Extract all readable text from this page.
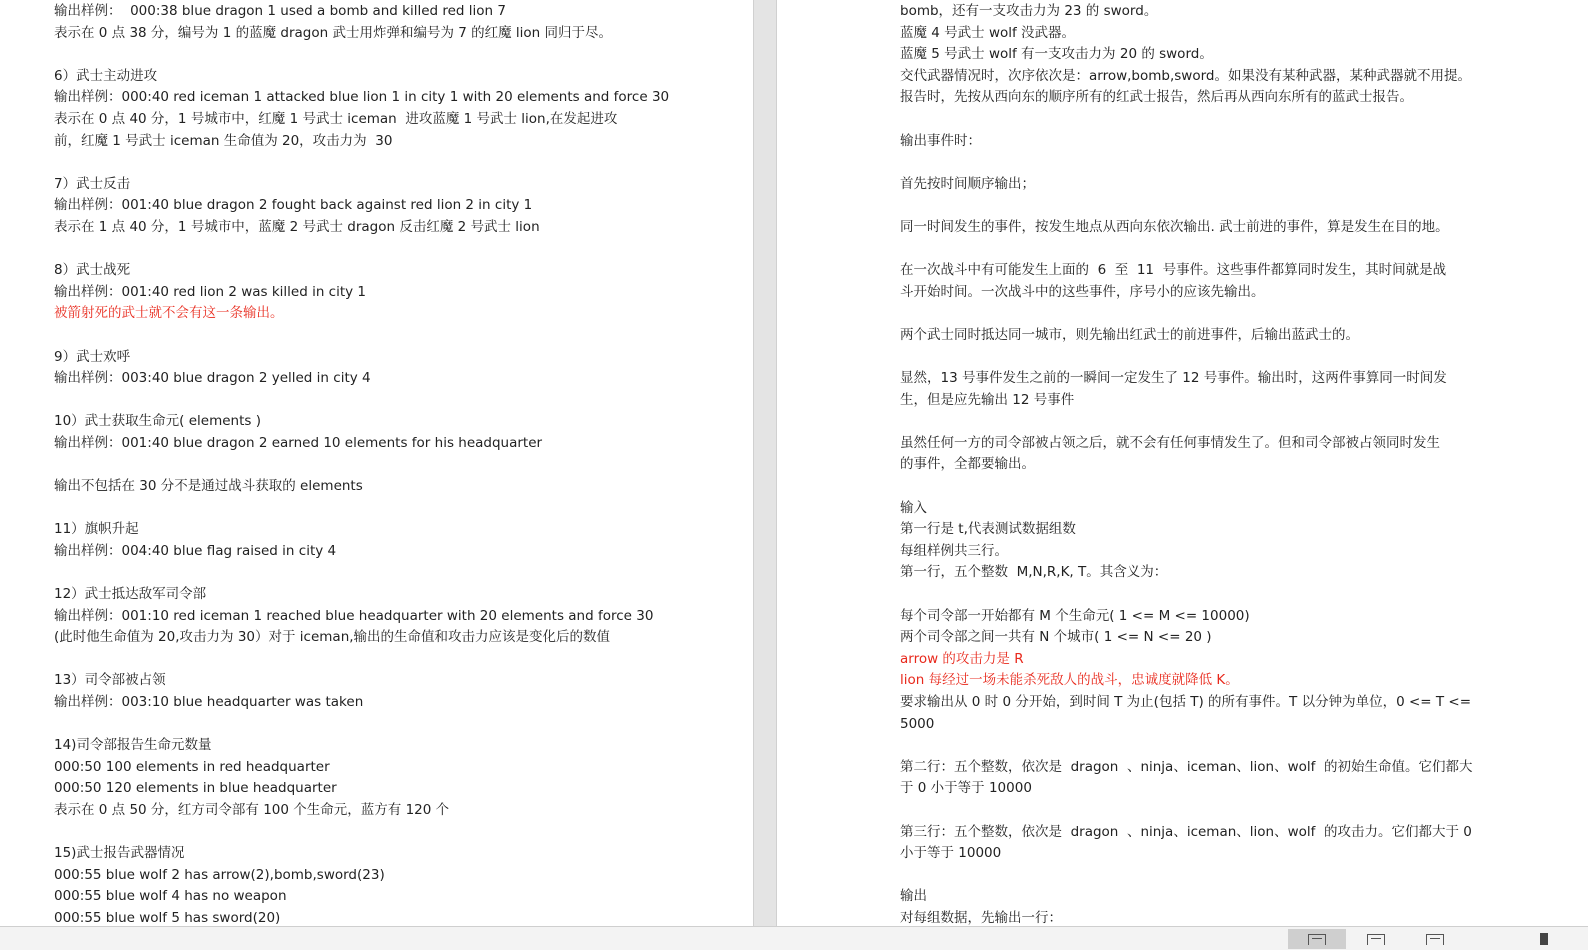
输出样例：  000:38 blue dragon 1 used a bomb and killed red lion 7
表示在 0 点 38 分，编号为 1 的蓝魔 dragon 武士用炸弹和编号为 7 的红魔 lion 同归于尽。
6）武士主动进攻
输出样例：000:40 red iceman 1 attacked blue lion 1 in city 1 with 20 elements and force 30
表示在 0 点 40 分，1 号城市中，红魔 1 号武士 iceman  进攻蓝魔 1 号武士 lion,在发起进攻
前，红魔 1 号武士 iceman 生命值为 20，攻击力为  30
7）武士反击
输出样例：001:40 blue dragon 2 fought back against red lion 2 in city 1
表示在 1 点 40 分，1 号城市中，蓝魔 2 号武士 dragon 反击红魔 2 号武士 lion
8）武士战死
输出样例：001:40 red lion 2 was killed in city 1
被箭射死的武士就不会有这一条输出。
9）武士欢呼
输出样例：003:40 blue dragon 2 yelled in city 4
10）武士获取生命元( elements )
输出样例：001:40 blue dragon 2 earned 10 elements for his headquarter
输出不包括在 30 分不是通过战斗获取的 elements
11）旗帜升起
输出样例：004:40 blue flag raised in city 4
12）武士抵达敌军司令部
输出样例：001:10 red iceman 1 reached blue headquarter with 20 elements and force 30
(此时他生命值为 20,攻击力为 30）对于 iceman,输出的生命值和攻击力应该是变化后的数值
13）司令部被占领
输出样例：003:10 blue headquarter was taken
14)司令部报告生命元数量
000:50 100 elements in red headquarter
000:50 120 elements in blue headquarter
表示在 0 点 50 分，红方司令部有 100 个生命元，蓝方有 120 个
15)武士报告武器情况
000:55 blue wolf 2 has arrow(2),bomb,sword(23)
000:55 blue wolf 4 has no weapon
000:55 blue wolf 5 has sword(20)
bomb，还有一支攻击力为 23 的 sword。
蓝魔 4 号武士 wolf 没武器。
蓝魔 5 号武士 wolf 有一支攻击力为 20 的 sword。
交代武器情况时，次序依次是：arrow,bomb,sword。如果没有某种武器，某种武器就不用提。
报告时，先按从西向东的顺序所有的红武士报告，然后再从西向东所有的蓝武士报告。
输出事件时：
首先按时间顺序输出；
同一时间发生的事件，按发生地点从西向东依次输出. 武士前进的事件，算是发生在目的地。
在一次战斗中有可能发生上面的  6  至  11  号事件。这些事件都算同时发生，其时间就是战
斗开始时间。一次战斗中的这些事件，序号小的应该先输出。
两个武士同时抵达同一城市，则先输出红武士的前进事件，后输出蓝武士的。
显然，13 号事件发生之前的一瞬间一定发生了 12 号事件。输出时，这两件事算同一时间发
生，但是应先输出 12 号事件
虽然任何一方的司令部被占领之后，就不会有任何事情发生了。但和司令部被占领同时发生
的事件，全都要输出。
输入
第一行是 t,代表测试数据组数
每组样例共三行。
第一行，五个整数  M,N,R,K, T。其含义为：
每个司令部一开始都有 M 个生命元( 1 <= M <= 10000)
两个司令部之间一共有 N 个城市( 1 <= N <= 20 )
arrow 的攻击力是 R
lion 每经过一场未能杀死敌人的战斗，忠诚度就降低 K。
要求输出从 0 时 0 分开始，到时间 T 为止(包括 T) 的所有事件。T 以分钟为单位，0 <= T <=
5000
第二行：五个整数，依次是  dragon  、ninja、iceman、lion、wolf  的初始生命值。它们都大
于 0 小于等于 10000
第三行：五个整数，依次是  dragon  、ninja、iceman、lion、wolf  的攻击力。它们都大于 0
小于等于 10000
输出
对每组数据，先输出一行：
